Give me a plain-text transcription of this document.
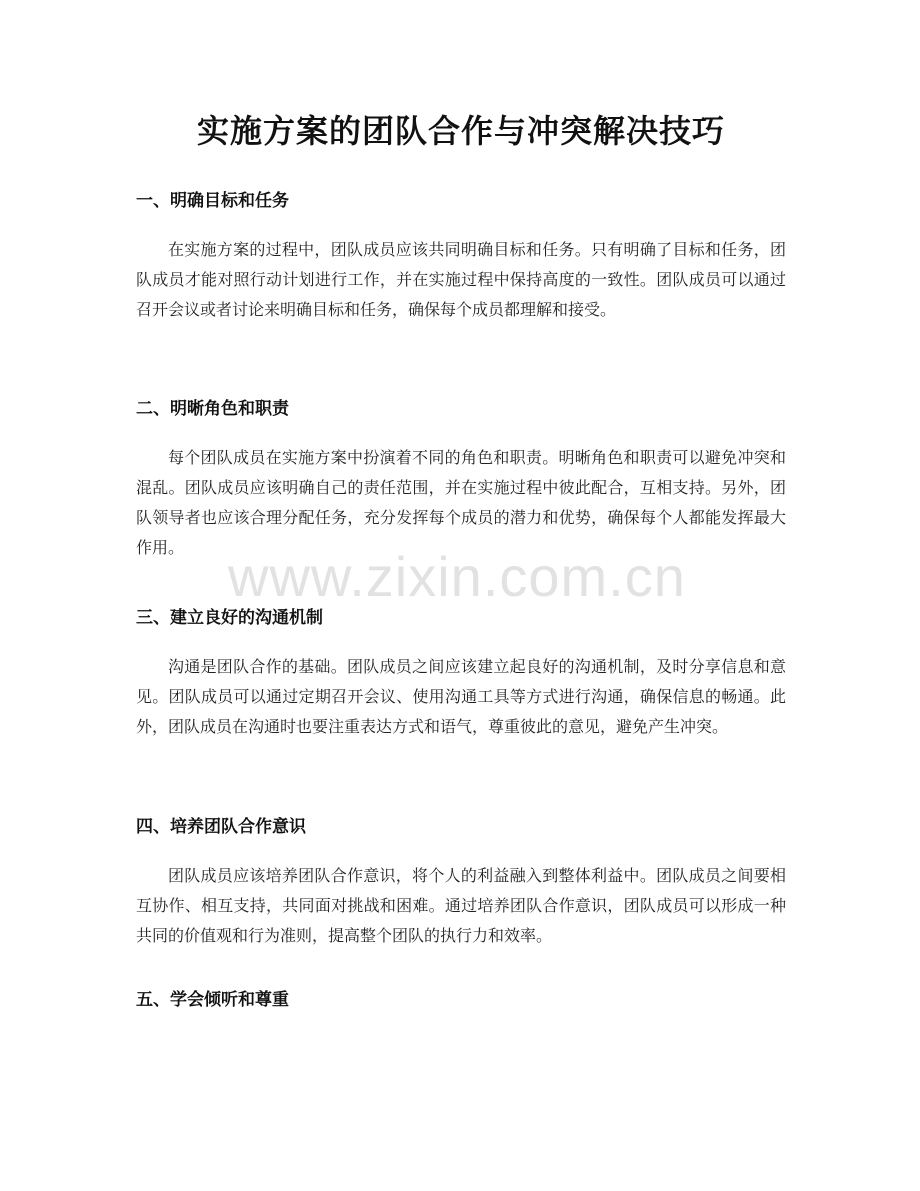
实施方案的团队合作与冲突解决技巧
一、明确目标和任务

在实施方案的过程中，团队成员应该共同明确目标和任务。只有明确了目标和任务，团队成员才能对照行动计划进行工作，并在实施过程中保持高度的一致性。团队成员可以通过召开会议或者讨论来明确目标和任务，确保每个成员都理解和接受。

二、明晰角色和职责

每个团队成员在实施方案中扮演着不同的角色和职责。明晰角色和职责可以避免冲突和混乱。团队成员应该明确自己的责任范围，并在实施过程中彼此配合，互相支持。另外，团队领导者也应该合理分配任务，充分发挥每个成员的潜力和优势，确保每个人都能发挥最大作用。

三、建立良好的沟通机制

沟通是团队合作的基础。团队成员之间应该建立起良好的沟通机制，及时分享信息和意见。团队成员可以通过定期召开会议、使用沟通工具等方式进行沟通，确保信息的畅通。此外，团队成员在沟通时也要注重表达方式和语气，尊重彼此的意见，避免产生冲突。

四、培养团队合作意识

团队成员应该培养团队合作意识，将个人的利益融入到整体利益中。团队成员之间要相互协作、相互支持，共同面对挑战和困难。通过培养团队合作意识，团队成员可以形成一种共同的价值观和行为准则，提高整个团队的执行力和效率。

五、学会倾听和尊重
www.zixin.com.cn
